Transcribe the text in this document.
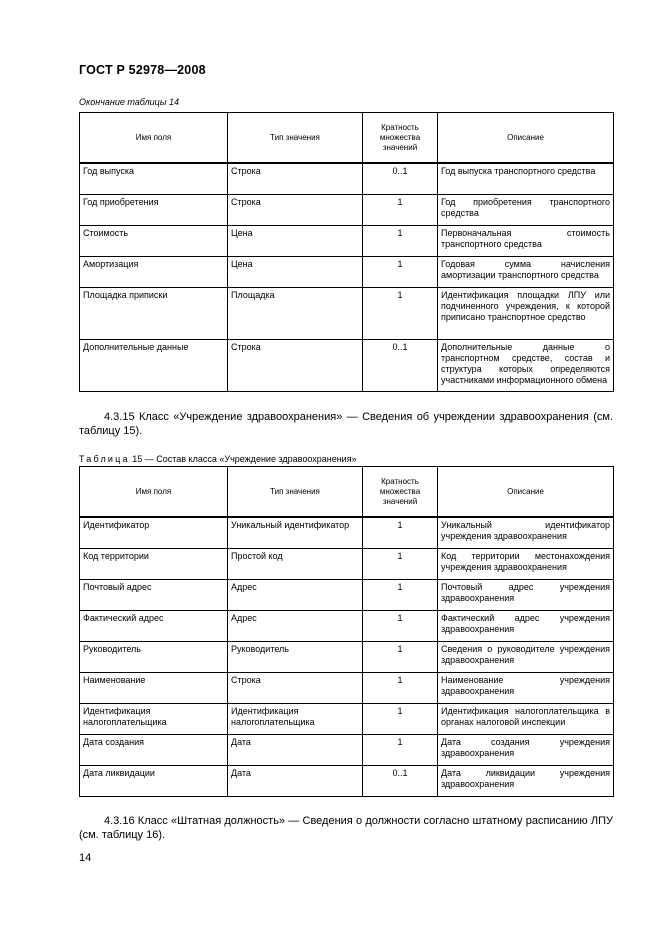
ГОСТ Р 52978—2008
Окончание таблицы 14
Имя поля	Тип значения	Кратность множества значений	Описание
Год выпуска	Строка	0..1	Год выпуска транспортного средства
Год приобретения	Строка	1	Год приобретения транспортного средства
Стоимость	Цена	1	Первоначальная стоимость транспортного средства
Амортизация	Цена	1	Годовая сумма начисления амортизации транспортного средства
Площадка приписки	Площадка	1	Идентификация площадки ЛПУ или подчиненного учреждения, к которой приписано транспортное средство
Дополнительные данные	Строка	0..1	Дополнительные данные о транспортном средстве, состав и структура которых определяются участниками информационного обмена
4.3.15 Класс «Учреждение здравоохранения» — Сведения об учреждении здравоохранения (см. таблицу 15).
Таблица 15 — Состав класса «Учреждение здравоохранения»
Имя поля	Тип значения	Кратность множества значений	Описание
Идентификатор	Уникальный идентификатор	1	Уникальный идентификатор учреждения здравоохранения
Код территории	Простой код	1	Код территории местонахождения учреждения здравоохранения
Почтовый адрес	Адрес	1	Почтовый адрес учреждения здравоохранения
Фактический адрес	Адрес	1	Фактический адрес учреждения здравоохранения
Руководитель	Руководитель	1	Сведения о руководителе учреждения здравоохранения
Наименование	Строка	1	Наименование учреждения здравоохранения
Идентификация налогоплательщика	Идентификация налогоплательщика	1	Идентификация налогоплательщика в органах налоговой инспекции
Дата создания	Дата	1	Дата создания учреждения здравоохранения
Дата ликвидации	Дата	0..1	Дата ликвидации учреждения здравоохранения
4.3.16 Класс «Штатная должность» — Сведения о должности согласно штатному расписанию ЛПУ (см. таблицу 16).
14
